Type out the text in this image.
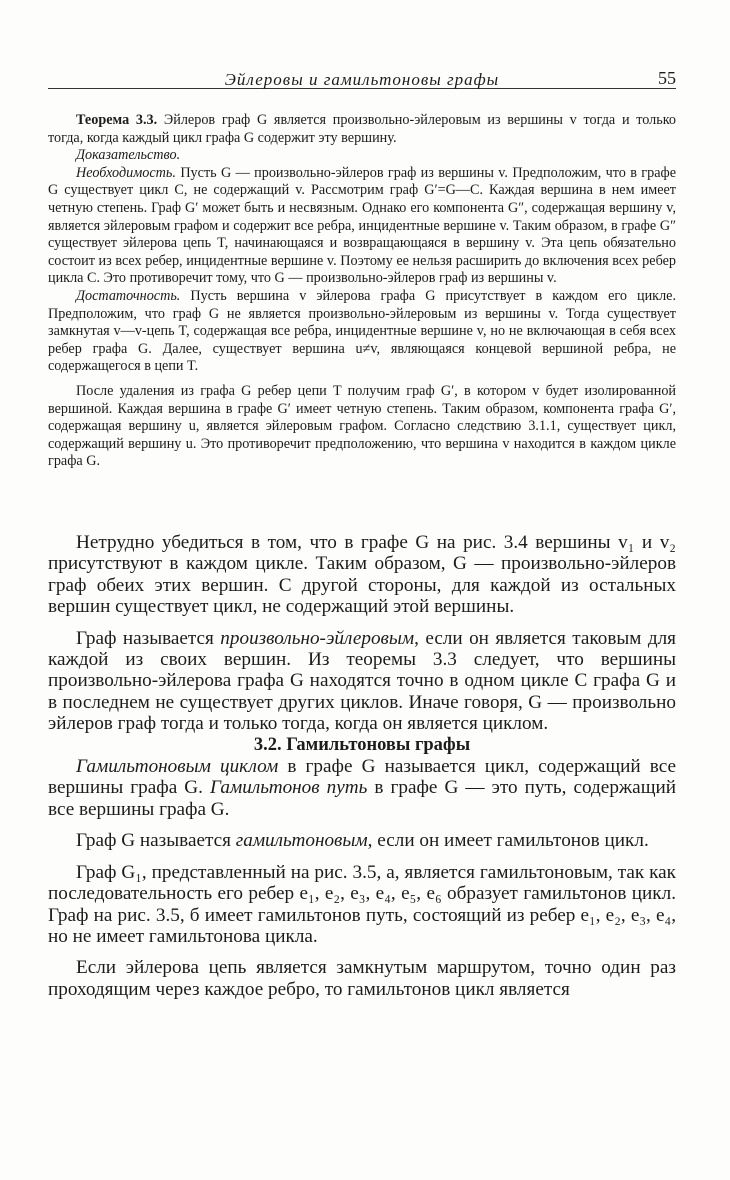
Эйлеровы и гамильтоновы графы	55

Теорема 3.3. Эйлеров граф G является произвольно-эйлеровым из вершины v тогда и только тогда, когда каждый цикл графа G содержит эту вершину.

Доказательство.

Необходимость. Пусть G — произвольно-эйлеров граф из вершины v. Предположим, что в графе G существует цикл C, не содержащий v. Рассмотрим граф G′=G—C. Каждая вершина в нем имеет четную степень. Граф G′ может быть и несвязным. Однако его компонента G″, содержащая вершину v, является эйлеровым графом и содержит все ребра, инцидентные вершине v. Таким образом, в графе G″ существует эйлерова цепь T, начинающаяся и возвращающаяся в вершину v. Эта цепь обязательно состоит из всех ребер, инцидентные вершине v. Поэтому ее нельзя расширить до включения всех ребер цикла C. Это противоречит тому, что G — произвольно-эйлеров граф из вершины v.

Достаточность. Пусть вершина v эйлерова графа G присутствует в каждом его цикле. Предположим, что граф G не является произвольно-эйлеровым из вершины v. Тогда существует замкнутая v—v-цепь T, содержащая все ребра, инцидентные вершине v, но не включающая в себя всех ребер графа G. Далее, существует вершина u≠v, являющаяся концевой вершиной ребра, не содержащегося в цепи T.

После удаления из графа G ребер цепи T получим граф G′, в котором v будет изолированной вершиной. Каждая вершина в графе G′ имеет четную степень. Таким образом, компонента графа G′, содержащая вершину u, является эйлеровым графом. Согласно следствию 3.1.1, существует цикл, содержащий вершину u. Это противоречит предположению, что вершина v находится в каждом цикле графа G.

Нетрудно убедиться в том, что в графе G на рис. 3.4 вершины v₁ и v₂ присутствуют в каждом цикле. Таким образом, G — произвольно-эйлеров граф обеих этих вершин. С другой стороны, для каждой из остальных вершин существует цикл, не содержащий этой вершины.

Граф называется произвольно-эйлеровым, если он является таковым для каждой из своих вершин. Из теоремы 3.3 следует, что вершины произвольно-эйлерова графа G находятся точно в одном цикле C графа G и в последнем не существует других циклов. Иначе говоря, G — произвольно эйлеров граф тогда и только тогда, когда он является циклом.

3.2. Гамильтоновы графы

Гамильтоновым циклом в графе G называется цикл, содержащий все вершины графа G. Гамильтонов путь в графе G — это путь, содержащий все вершины графа G.

Граф G называется гамильтоновым, если он имеет гамильтонов цикл.

Граф G₁, представленный на рис. 3.5, а, является гамильтоновым, так как последовательность его ребер e₁, e₂, e₃, e₄, e₅, e₆ образует гамильтонов цикл. Граф на рис. 3.5, б имеет гамильтонов путь, состоящий из ребер e₁, e₂, e₃, e₄, но не имеет гамильтонова цикла.

Если эйлерова цепь является замкнутым маршрутом, точно один раз проходящим через каждое ребро, то гамильтонов цикл является
